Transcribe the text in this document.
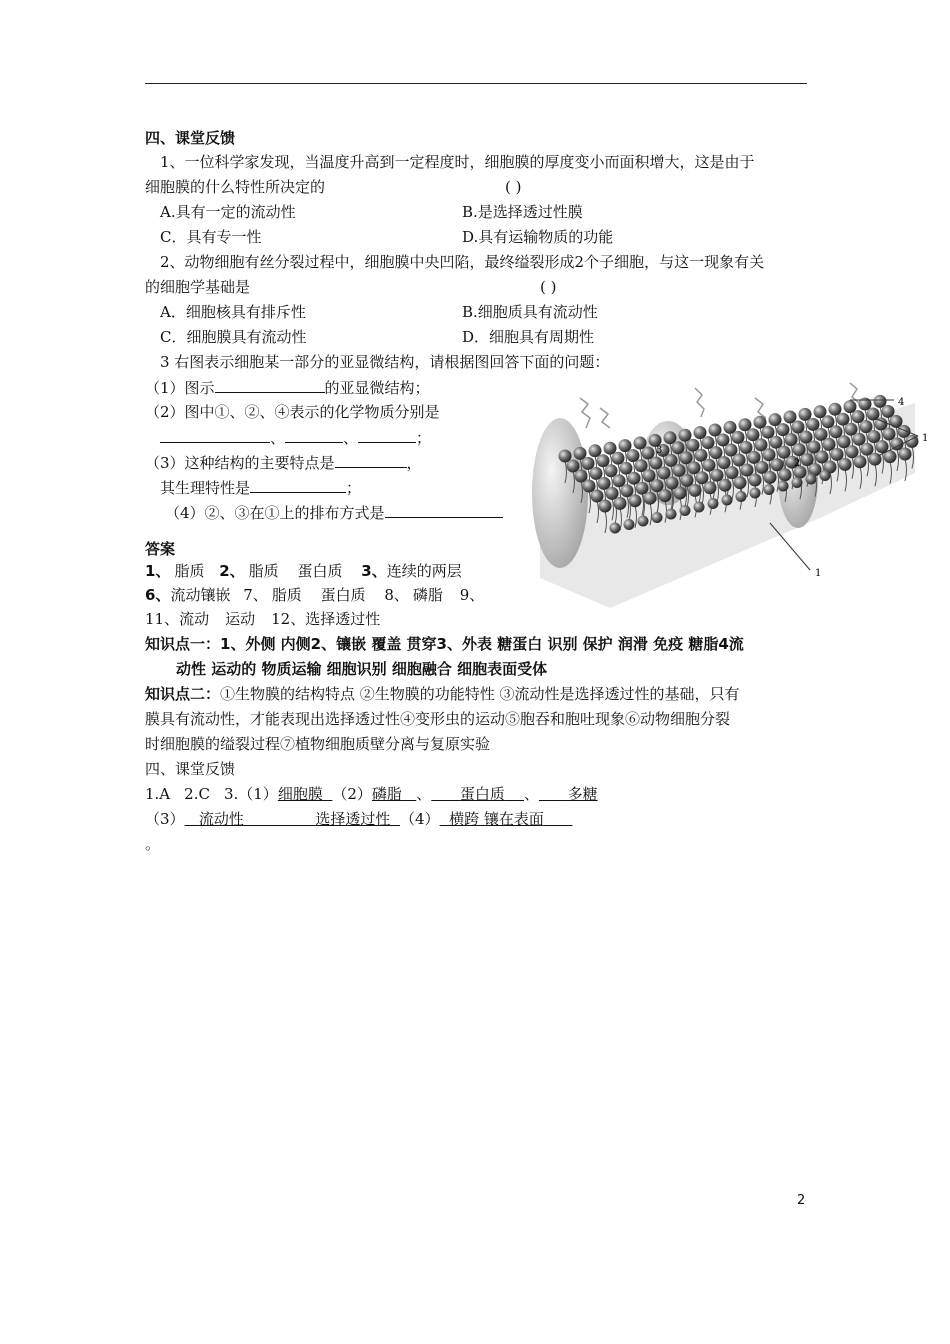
四、课堂反馈
1、一位科学家发现，当温度升高到一定程度时，细胞膜的厚度变小而面积增大，这是由于
细胞膜的什么特性所决定的	( )
A.具有一定的流动性	B.是选择透过性膜
C．具有专一性	D.具有运输物质的功能
2、动物细胞有丝分裂过程中，细胞膜中央凹陷，最终缢裂形成2个子细胞，与这一现象有关
的细胞学基础是	( )
A．细胞核具有排斥性	B.细胞质具有流动性
C．细胞膜具有流动性	D．细胞具有周期性
3 右图表示细胞某一部分的亚显微结构，请根据图回答下面的问题：
（1）图示	的亚显微结构；
（2）图中①、②、④表示的化学物质分别是
、	、	；
（3）这种结构的主要特点是	，
其生理特性是	；
（4）②、③在①上的排布方式是
答案
1、 脂质 2、 脂质 蛋白质 3、连续的两层
6、流动镶嵌 7、 脂质 蛋白质 8、 磷脂 9、
11、流动 运动 12、选择透过性
知识点一：1、外侧 内侧2、镶嵌 覆盖 贯穿3、外表 糖蛋白 识别 保护 润滑 免疫 糖脂4流
动性 运动的 物质运输 细胞识别 细胞融合 细胞表面受体
知识点二：①生物膜的结构特点 ②生物膜的功能特性 ③流动性是选择透过性的基础，只有
膜具有流动性，才能表现出选择透过性④变形虫的运动⑤胞吞和胞吐现象⑥动物细胞分裂
时细胞膜的缢裂过程⑦植物细胞质壁分离与复原实验
四、课堂反馈
1.A 2.C 3.（1）细胞膜 （2）磷脂 、 蛋白质 、 多糖
（3） 流动性	选择透过性 （4） 横跨 镶在表面
。
4
1
1
2
3
2
